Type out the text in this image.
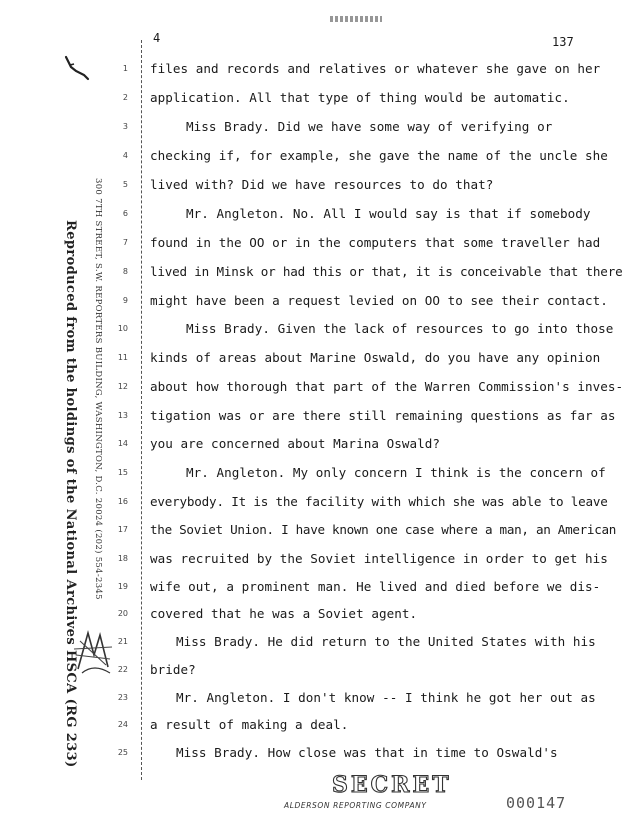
4	137
Reproduced from the holdings of the National Archives HSCA (RG 233) 300 7TH STREET, S.W. REPORTERS BUILDING, WASHINGTON, D.C. 20024 (202) 554-2345
1
2
3
4
5
6
7
8
9
10
11
12
13
14
15
16
17
18
19
20
21
22
23
24
25
files and records and relatives or whatever she gave on her
application. All that type of thing would be automatic.
Miss Brady. Did we have some way of verifying or
checking if, for example, she gave the name of the uncle she
lived with? Did we have resources to do that?
Mr. Angleton. No. All I would say is that if somebody
found in the OO or in the computers that some traveller had
lived in Minsk or had this or that, it is conceivable that there
might have been a request levied on OO to see their contact.
Miss Brady. Given the lack of resources to go into those
kinds of areas about Marine Oswald, do you have any opinion
about how thorough that part of the Warren Commission's inves-
tigation was or are there still remaining questions as far as
you are concerned about Marina Oswald?
Mr. Angleton. My only concern I think is the concern of
everybody. It is the facility with which she was able to leave
the Soviet Union. I have known one case where a man, an American
was recruited by the Soviet intelligence in order to get his
wife out, a prominent man. He lived and died before we dis-
covered that he was a Soviet agent.
Miss Brady. He did return to the United States with his
bride?
Mr. Angleton. I don't know -- I think he got her out as
a result of making a deal.
Miss Brady. How close was that in time to Oswald's
SECRET
ALDERSON REPORTING COMPANY	000147
